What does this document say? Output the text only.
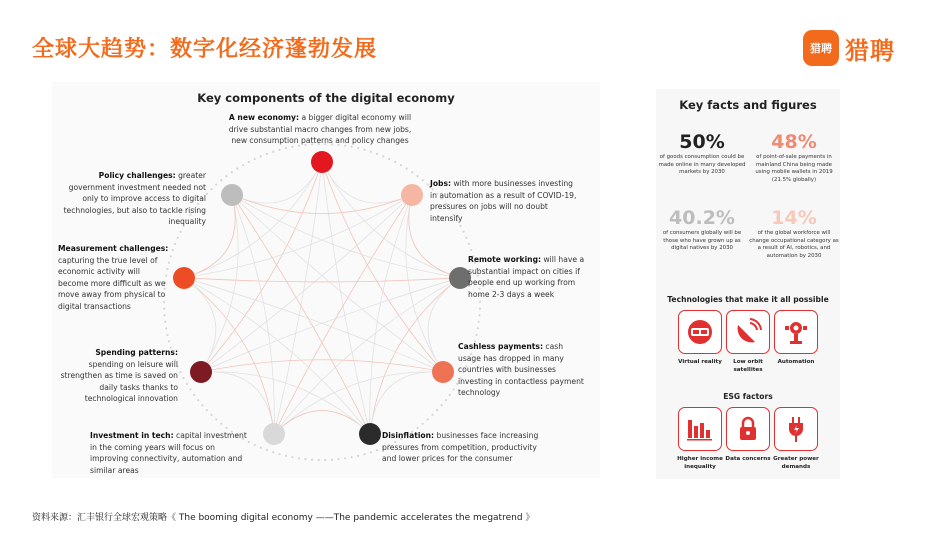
全球大趋势：数字化经济蓬勃发展	猎聘 猎聘
Key components of the digital economy
A new economy: a bigger digital economy will drive substantial macro changes from new jobs, new consumption patterns and policy changes
Jobs: with more businesses investing in automation as a result of COVID-19, pressures on jobs will no doubt intensify
Remote working: will have a substantial impact on cities if people end up working from home 2-3 days a week
Cashless payments: cash usage has dropped in many countries with businesses investing in contactless payment technology
Disinflation: businesses face increasing pressures from competition, productivity and lower prices for the consumer
Investment in tech: capital investment in the coming years will focus on improving connectivity, automation and similar areas
Spending patterns: spending on leisure will strengthen as time is saved on daily tasks thanks to technological innovation
Measurement challenges: capturing the true level of economic activity will become more difficult as we move away from physical to digital transactions
Policy challenges: greater government investment needed not only to improve access to digital technologies, but also to tackle rising inequality
Key facts and figures
50%
of goods consumption could be made online in many developed markets by 2030
48%
of point-of-sale payments in mainland China being made using mobile wallets in 2019 (21.5% globally)
40.2%
of consumers globally will be those who have grown up as digital natives by 2030
14%
of the global workforce will change occupational category as a result of AI, robotics, and automation by 2030
Technologies that make it all possible
Virtual reality	Low orbit satellites
Automation
ESG factors
Higher income inequality
Data concerns Greater power demands
资料来源：汇丰银行全球宏观策略《 The booming digital economy ——The pandemic accelerates the megatrend 》
